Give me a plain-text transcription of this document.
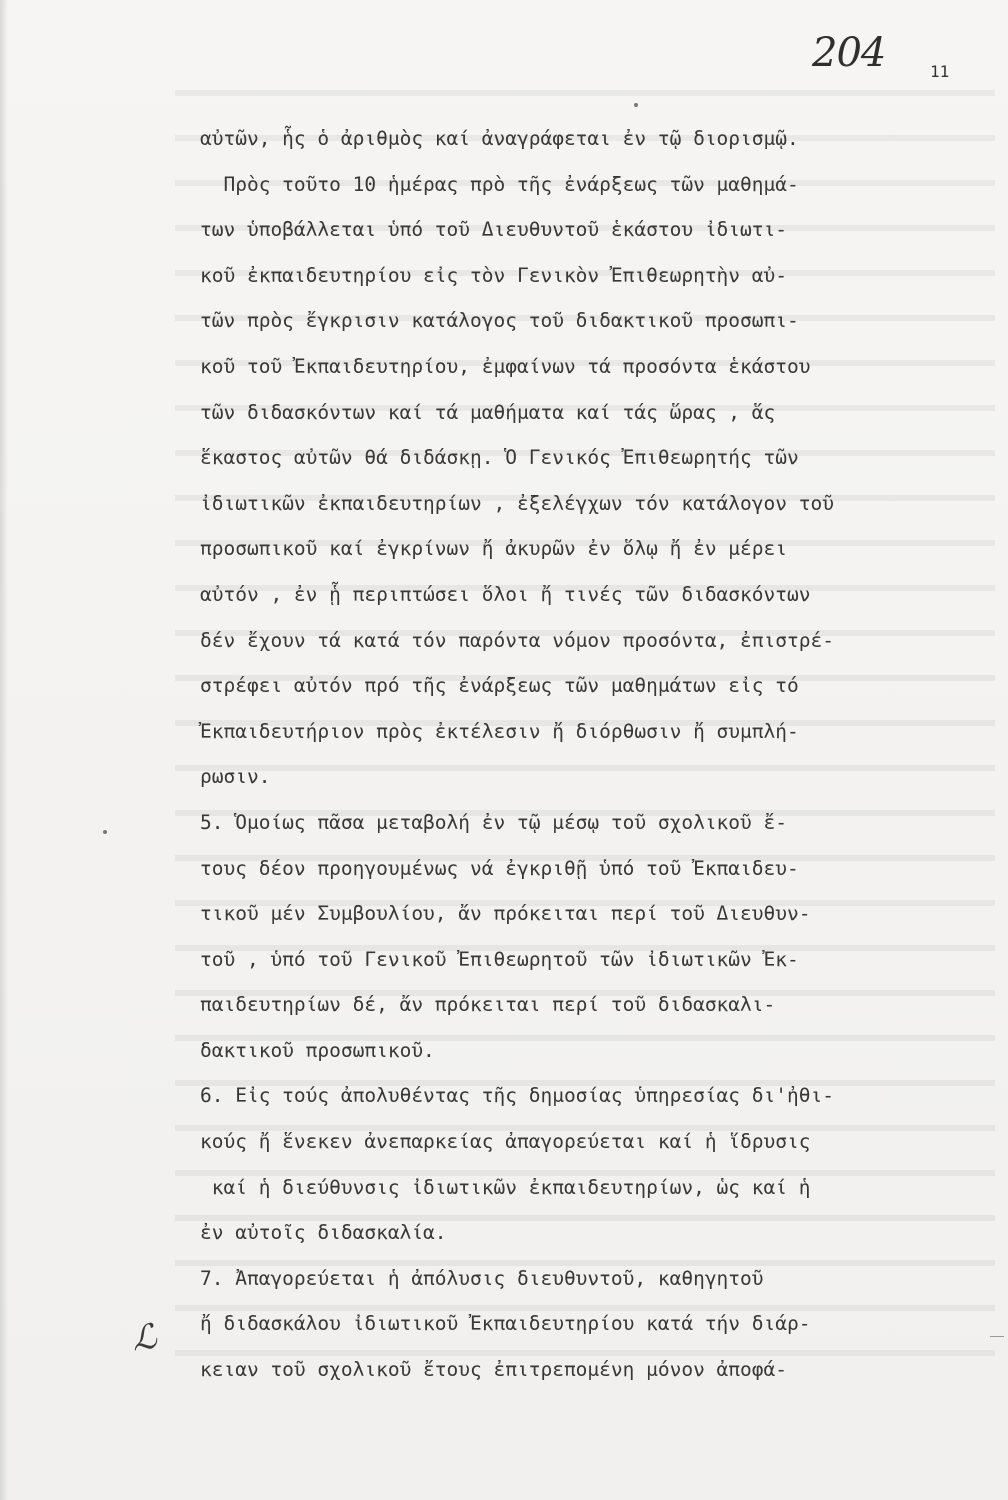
204	11
αὐτῶν, ἧς ὁ ἀριθμὸς καί ἀναγράφεται ἐν τῷ διορισμῷ.
Πρὸς τοῦτο 10 ἡμέρας πρὸ τῆς ἐνάρξεως τῶν μαθημά-
των ὑποβάλλεται ὑπό τοῦ Διευθυντοῦ ἑκάστου ἰδιωτι-
κοῦ ἐκπαιδευτηρίου εἰς τὸν Γενικὸν Ἐπιθεωρητὴν αὐ-
τῶν πρὸς ἔγκρισιν κατάλογος τοῦ διδακτικοῦ προσωπι-
κοῦ τοῦ Ἐκπαιδευτηρίου, ἐμφαίνων τά προσόντα ἑκάστου
τῶν διδασκόντων καί τά μαθήματα καί τάς ὥρας , ἅς
ἕκαστος αὐτῶν θά διδάσκῃ. Ὁ Γενικός Ἐπιθεωρητής τῶν
ἰδιωτικῶν ἐκπαιδευτηρίων , ἐξελέγχων τόν κατάλογον τοῦ
προσωπικοῦ καί ἐγκρίνων ἤ ἀκυρῶν ἐν ὅλῳ ἤ ἐν μέρει
αὐτόν , ἐν ᾗ περιπτώσει ὅλοι ἤ τινές τῶν διδασκόντων
δέν ἔχουν τά κατά τόν παρόντα νόμον προσόντα, ἐπιστρέ-
στρέφει αὐτόν πρό τῆς ἐνάρξεως τῶν μαθημάτων εἰς τό
Ἐκπαιδευτήριον πρὸς ἐκτέλεσιν ἤ διόρθωσιν ἤ συμπλή-
ρωσιν.
5. Ὁμοίως πᾶσα μεταβολή ἐν τῷ μέσῳ τοῦ σχολικοῦ ἔ-
τους δέον προηγουμένως νά ἐγκριθῇ ὑπό τοῦ Ἐκπαιδευ-
τικοῦ μέν Συμβουλίου, ἄν πρόκειται περί τοῦ Διευθυν-
τοῦ , ὑπό τοῦ Γενικοῦ Ἐπιθεωρητοῦ τῶν ἰδιωτικῶν Ἐκ-
παιδευτηρίων δέ, ἄν πρόκειται περί τοῦ διδασκαλι-
δακτικοῦ προσωπικοῦ.
6. Εἰς τούς ἀπολυθέντας τῆς δημοσίας ὑπηρεσίας δι'ἠθι-
κούς ἤ ἕνεκεν ἀνεπαρκείας ἀπαγορεύεται καί ἡ ἵδρυσις
καί ἡ διεύθυνσις ἰδιωτικῶν ἐκπαιδευτηρίων, ὡς καί ἡ
ἐν αὐτοῖς διδασκαλία.
7. Ἀπαγορεύεται ἡ ἀπόλυσις διευθυντοῦ, καθηγητοῦ
ἤ διδασκάλου ἰδιωτικοῦ Ἐκπαιδευτηρίου κατά τήν διάρ-
κειαν τοῦ σχολικοῦ ἔτους ἐπιτρεπομένη μόνον ἀποφά-
ℒ
